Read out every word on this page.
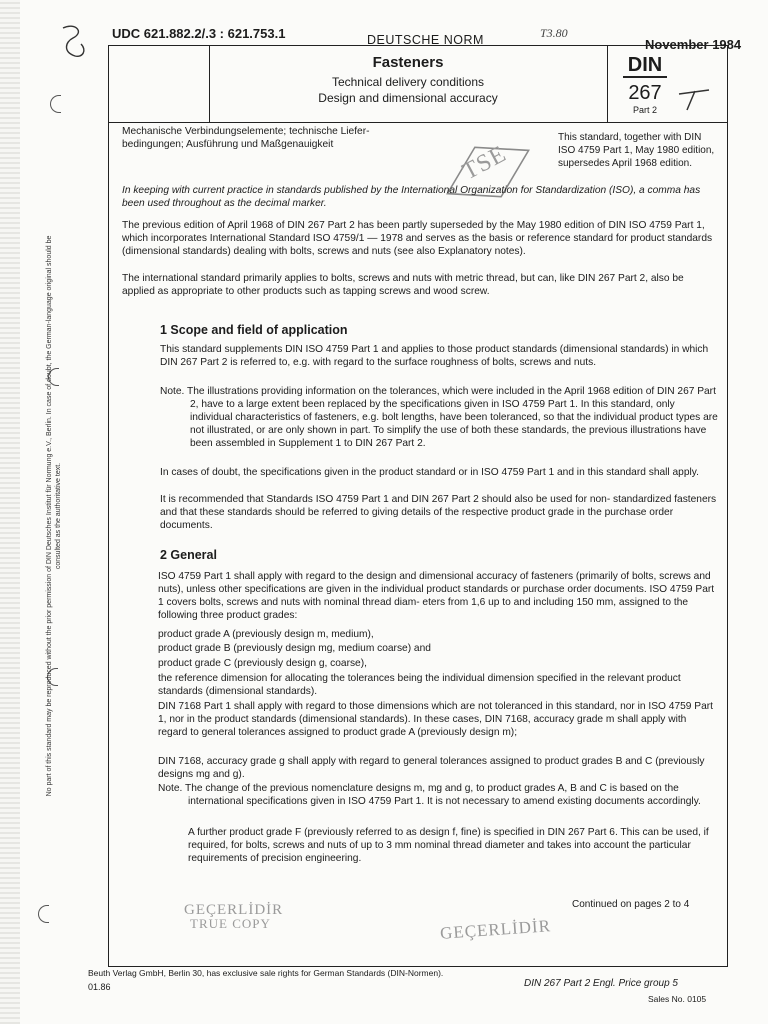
No part of this standard may be reproduced without the prior permission of DIN Deutsches Institut für Normung e.V., Berlin. In case of doubt, the German-language original should be consulted as the authoritative text.
UDC 621.882.2/.3 : 621.753.1	DEUTSCHE NORM	T3.80
November 1984
Fasteners
Technical delivery conditions
Design and dimensional accuracy
DIN
267
Part 2
TSE

Mechanische Verbindungselemente; technische Liefer- bedingungen; Ausführung und Maßgenauigkeit

This standard, together with DIN ISO 4759 Part 1, May 1980 edition, supersedes April 1968 edition.

In keeping with current practice in standards published by the International Organization for Standardization (ISO), a comma has been used throughout as the decimal marker.

The previous edition of April 1968 of DIN 267 Part 2 has been partly superseded by the May 1980 edition of DIN ISO 4759 Part 1, which incorporates International Standard ISO 4759/1 — 1978 and serves as the basis or reference standard for product standards (dimensional standards) dealing with bolts, screws and nuts (see also Explanatory notes).

The international standard primarily applies to bolts, screws and nuts with metric thread, but can, like DIN 267 Part 2, also be applied as appropriate to other products such as tapping screws and wood screw.

1 Scope and field of application

This standard supplements DIN ISO 4759 Part 1 and applies to those product standards (dimensional standards) in which DIN 267 Part 2 is referred to, e.g. with regard to the surface roughness of bolts, screws and nuts.

Note. The illustrations providing information on the tolerances, which were included in the April 1968 edition of DIN 267 Part 2, have to a large extent been replaced by the specifications given in ISO 4759 Part 1. In this standard, only individual characteristics of fasteners, e.g. bolt lengths, have been toleranced, so that the individual product types are not illustrated, or are only shown in part. To simplify the use of both these standards, the previous illustrations have been assembled in Supplement 1 to DIN 267 Part 2.

In cases of doubt, the specifications given in the product standard or in ISO 4759 Part 1 and in this standard shall apply.

It is recommended that Standards ISO 4759 Part 1 and DIN 267 Part 2 should also be used for non- standardized fasteners and that these standards should be referred to giving details of the respective product grade in the purchase order documents.

2 General

ISO 4759 Part 1 shall apply with regard to the design and dimensional accuracy of fasteners (primarily of bolts, screws and nuts), unless other specifications are given in the individual product standards or purchase order documents. ISO 4759 Part 1 covers bolts, screws and nuts with nominal thread diam- eters from 1,6 up to and including 150 mm, assigned to the following three product grades:

product grade A (previously design m, medium),

product grade B (previously design mg, medium coarse) and

product grade C (previously design g, coarse),

the reference dimension for allocating the tolerances being the individual dimension specified in the relevant product standards (dimensional standards).

DIN 7168 Part 1 shall apply with regard to those dimensions which are not toleranced in this standard, nor in ISO 4759 Part 1, nor in the product standards (dimensional standards). In these cases, DIN 7168, accuracy grade m shall apply with regard to general tolerances assigned to product grade A (previously design m);

DIN 7168, accuracy grade g shall apply with regard to general tolerances assigned to product grades B and C (previously designs mg and g).

Note. The change of the previous nomenclature designs m, mg and g, to product grades A, B and C is based on the international specifications given in ISO 4759 Part 1. It is not necessary to amend existing documents accordingly.

A further product grade F (previously referred to as design f, fine) is specified in DIN 267 Part 6. This can be used, if required, for bolts, screws and nuts of up to 3 mm nominal thread diameter and takes into account the particular requirements of precision engineering.

Continued on pages 2 to 4
GEÇERLİDİR
TRUE COPY	GEÇERLİDİR
Beuth Verlag GmbH, Berlin 30, has exclusive sale rights for German Standards (DIN-Normen).
01.86	DIN 267 Part 2 Engl. Price group 5
Sales No. 0105
